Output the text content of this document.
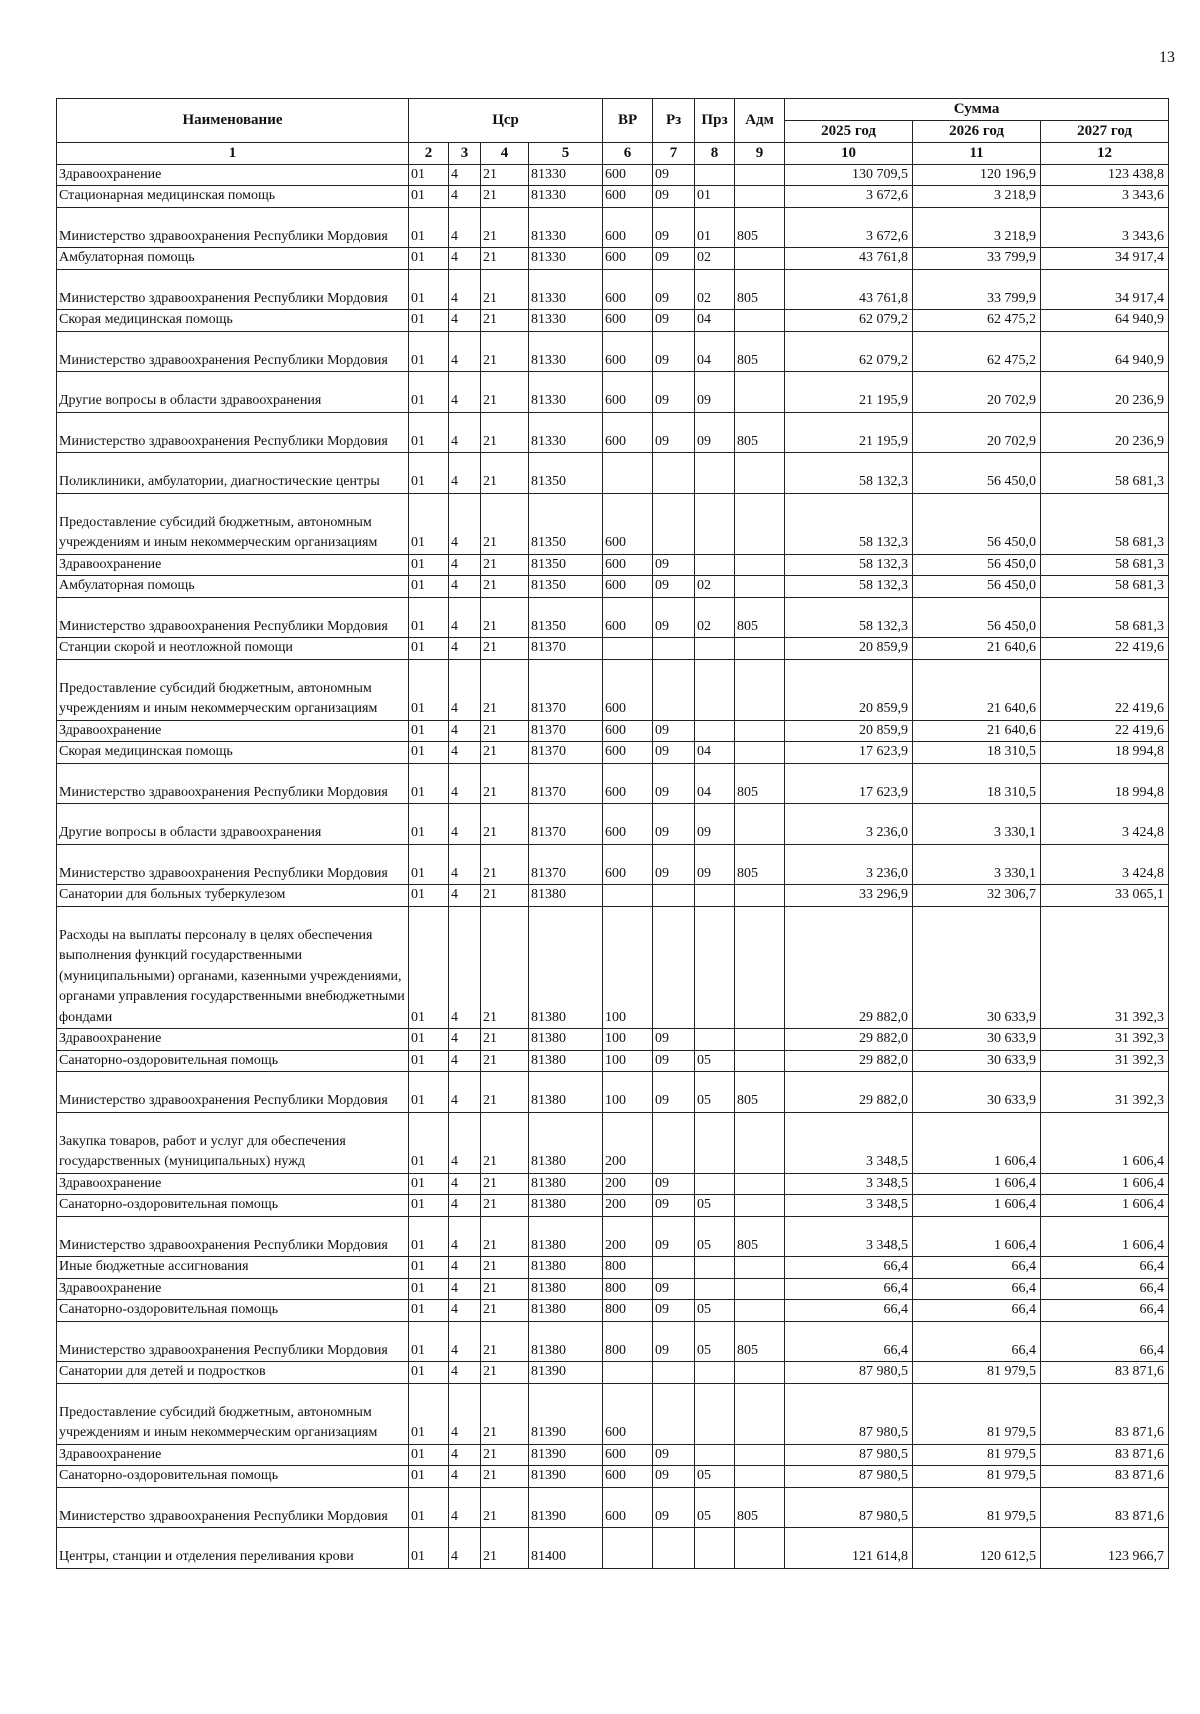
13
Наименование	Цср				ВР	Рз	Прз	Адм	Сумма		
									2025 год	2026 год	2027 год
1	2	3	4	5	6	7	8	9	10	11	12
Здравоохранение	01	4	21	81330	600	09			130 709,5	120 196,9	123 438,8
Стационарная медицинская помощь	01	4	21	81330	600	09	01		3 672,6	3 218,9	3 343,6
Министерство здравоохранения Республики Мордовия	01	4	21	81330	600	09	01	805	3 672,6	3 218,9	3 343,6
Амбулаторная помощь	01	4	21	81330	600	09	02		43 761,8	33 799,9	34 917,4
Министерство здравоохранения Республики Мордовия	01	4	21	81330	600	09	02	805	43 761,8	33 799,9	34 917,4
Скорая медицинская помощь	01	4	21	81330	600	09	04		62 079,2	62 475,2	64 940,9
Министерство здравоохранения Республики Мордовия	01	4	21	81330	600	09	04	805	62 079,2	62 475,2	64 940,9
Другие вопросы в области здравоохранения	01	4	21	81330	600	09	09		21 195,9	20 702,9	20 236,9
Министерство здравоохранения Республики Мордовия	01	4	21	81330	600	09	09	805	21 195,9	20 702,9	20 236,9
Поликлиники, амбулатории, диагностические центры	01	4	21	81350					58 132,3	56 450,0	58 681,3
Предоставление субсидий бюджетным, автономным учреждениям и иным некоммерческим организациям	01	4	21	81350	600				58 132,3	56 450,0	58 681,3
Здравоохранение	01	4	21	81350	600	09			58 132,3	56 450,0	58 681,3
Амбулаторная помощь	01	4	21	81350	600	09	02		58 132,3	56 450,0	58 681,3
Министерство здравоохранения Республики Мордовия	01	4	21	81350	600	09	02	805	58 132,3	56 450,0	58 681,3
Станции скорой и неотложной помощи	01	4	21	81370					20 859,9	21 640,6	22 419,6
Предоставление субсидий бюджетным, автономным учреждениям и иным некоммерческим организациям	01	4	21	81370	600				20 859,9	21 640,6	22 419,6
Здравоохранение	01	4	21	81370	600	09			20 859,9	21 640,6	22 419,6
Скорая медицинская помощь	01	4	21	81370	600	09	04		17 623,9	18 310,5	18 994,8
Министерство здравоохранения Республики Мордовия	01	4	21	81370	600	09	04	805	17 623,9	18 310,5	18 994,8
Другие вопросы в области здравоохранения	01	4	21	81370	600	09	09		3 236,0	3 330,1	3 424,8
Министерство здравоохранения Республики Мордовия	01	4	21	81370	600	09	09	805	3 236,0	3 330,1	3 424,8
Санатории для больных туберкулезом	01	4	21	81380					33 296,9	32 306,7	33 065,1
Расходы на выплаты персоналу в целях обеспечения выполнения функций государственными (муниципальными) органами, казенными учреждениями, органами управления государственными внебюджетными фондами	01	4	21	81380	100				29 882,0	30 633,9	31 392,3
Здравоохранение	01	4	21	81380	100	09			29 882,0	30 633,9	31 392,3
Санаторно-оздоровительная помощь	01	4	21	81380	100	09	05		29 882,0	30 633,9	31 392,3
Министерство здравоохранения Республики Мордовия	01	4	21	81380	100	09	05	805	29 882,0	30 633,9	31 392,3
Закупка товаров, работ и услуг для обеспечения государственных (муниципальных) нужд	01	4	21	81380	200				3 348,5	1 606,4	1 606,4
Здравоохранение	01	4	21	81380	200	09			3 348,5	1 606,4	1 606,4
Санаторно-оздоровительная помощь	01	4	21	81380	200	09	05		3 348,5	1 606,4	1 606,4
Министерство здравоохранения Республики Мордовия	01	4	21	81380	200	09	05	805	3 348,5	1 606,4	1 606,4
Иные бюджетные ассигнования	01	4	21	81380	800				66,4	66,4	66,4
Здравоохранение	01	4	21	81380	800	09			66,4	66,4	66,4
Санаторно-оздоровительная помощь	01	4	21	81380	800	09	05		66,4	66,4	66,4
Министерство здравоохранения Республики Мордовия	01	4	21	81380	800	09	05	805	66,4	66,4	66,4
Санатории для детей и подростков	01	4	21	81390					87 980,5	81 979,5	83 871,6
Предоставление субсидий бюджетным, автономным учреждениям и иным некоммерческим организациям	01	4	21	81390	600				87 980,5	81 979,5	83 871,6
Здравоохранение	01	4	21	81390	600	09			87 980,5	81 979,5	83 871,6
Санаторно-оздоровительная помощь	01	4	21	81390	600	09	05		87 980,5	81 979,5	83 871,6
Министерство здравоохранения Республики Мордовия	01	4	21	81390	600	09	05	805	87 980,5	81 979,5	83 871,6
Центры, станции и отделения переливания крови	01	4	21	81400					121 614,8	120 612,5	123 966,7
